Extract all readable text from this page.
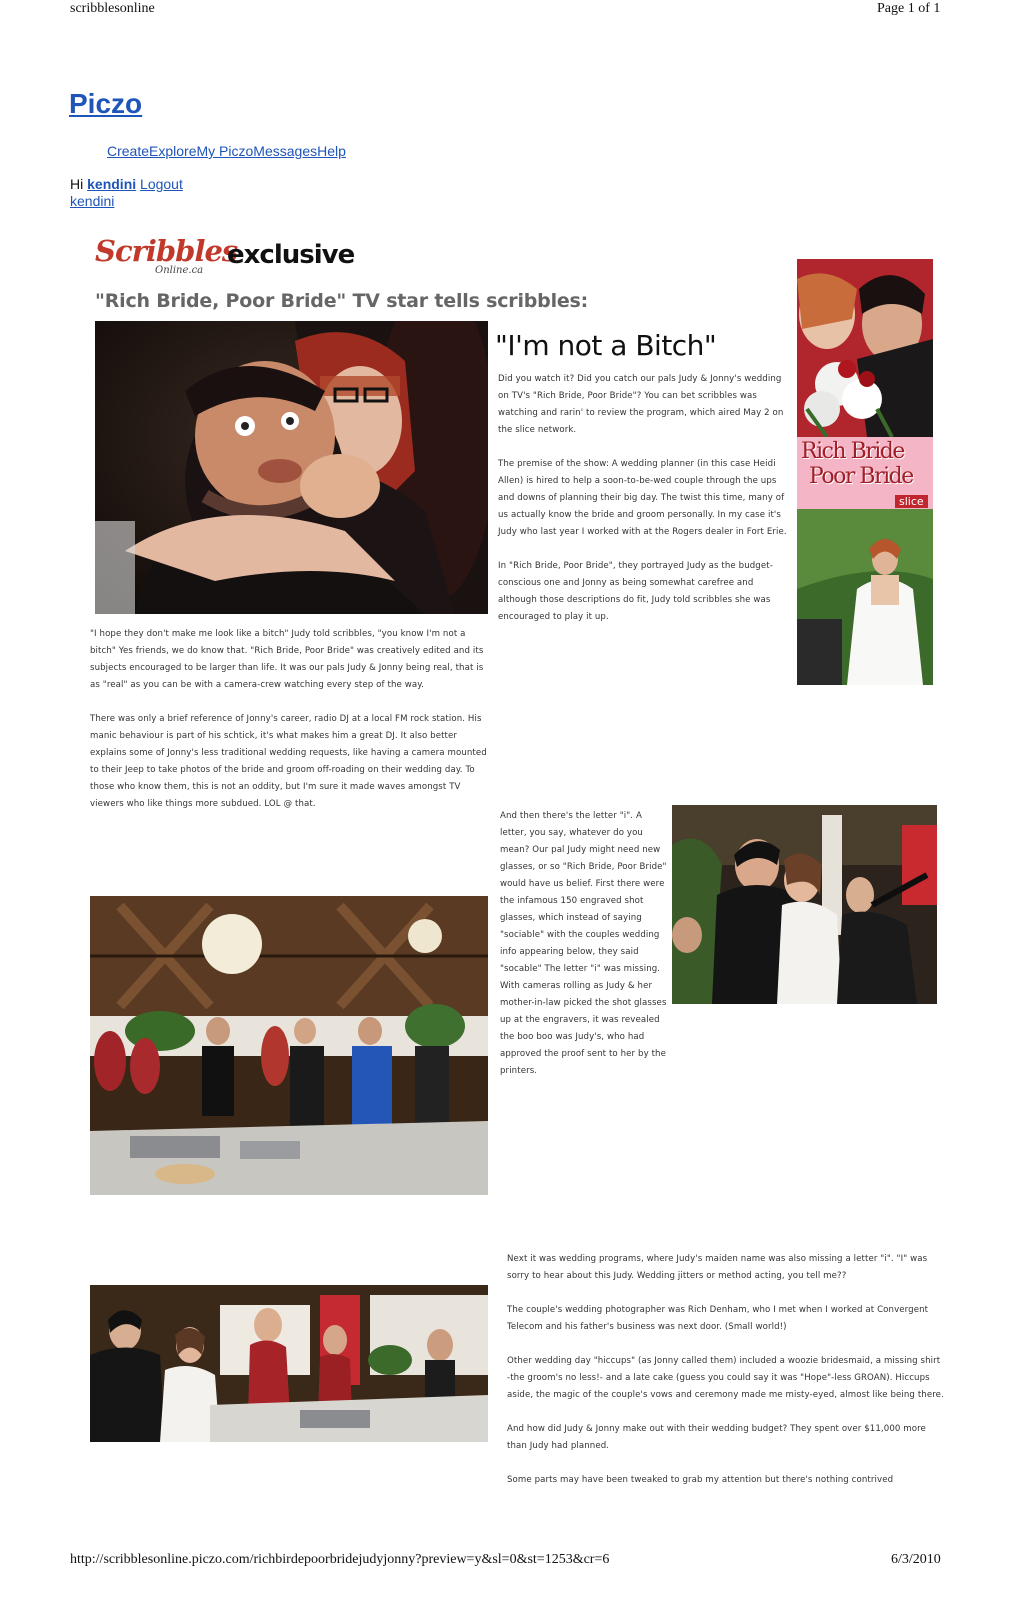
scribblesonline	Page 1 of 1
Piczo
CreateExploreMy PiczoMessagesHelp
Hi kendini Logout
kendini
Scribbles
Online.ca
exclusive
"Rich Bride, Poor Bride" TV star tells scribbles:
"I'm not a Bitch"
Rich Bride
Poor Bride
slice

Did you watch it? Did you catch our pals Judy & Jonny's wedding on TV's "Rich Bride, Poor Bride"? You can bet scribbles was watching and rarin' to review the program, which aired May 2 on the slice network.

The premise of the show: A wedding planner (in this case Heidi Allen) is hired to help a soon-to-be-wed couple through the ups and downs of planning their big day. The twist this time, many of us actually know the bride and groom personally. In my case it's Judy who last year I worked with at the Rogers dealer in Fort Erie.

In "Rich Bride, Poor Bride", they portrayed Judy as the budget-conscious one and Jonny as being somewhat carefree and although those descriptions do fit, Judy told scribbles she was encouraged to play it up.

"I hope they don't make me look like a bitch" Judy told scribbles, "you know I'm not a bitch" Yes friends, we do know that. "Rich Bride, Poor Bride" was creatively edited and its subjects encouraged to be larger than life. It was our pals Judy & Jonny being real, that is as "real" as you can be with a camera-crew watching every step of the way.

There was only a brief reference of Jonny's career, radio DJ at a local FM rock station. His manic behaviour is part of his schtick, it's what makes him a great DJ. It also better explains some of Jonny's less traditional wedding requests, like having a camera mounted to their Jeep to take photos of the bride and groom off-roading on their wedding day. To those who know them, this is not an oddity, but I'm sure it made waves amongst TV viewers who like things more subdued. LOL @ that.

And then there's the letter "i". A letter, you say, whatever do you mean? Our pal Judy might need new glasses, or so "Rich Bride, Poor Bride" would have us belief. First there were the infamous 150 engraved shot glasses, which instead of saying "sociable" with the couples wedding info appearing below, they said "socable" The letter "i" was missing. With cameras rolling as Judy & her mother-in-law picked the shot glasses up at the engravers, it was revealed the boo boo was Judy's, who had approved the proof sent to her by the printers.

Next it was wedding programs, where Judy's maiden name was also missing a letter "i". "I" was sorry to hear about this Judy. Wedding jitters or method acting, you tell me??

The couple's wedding photographer was Rich Denham, who I met when I worked at Convergent Telecom and his father's business was next door. (Small world!)

Other wedding day "hiccups" (as Jonny called them) included a woozie bridesmaid, a missing shirt -the groom's no less!- and a late cake (guess you could say it was "Hope"-less GROAN). Hiccups aside, the magic of the couple's vows and ceremony made me misty-eyed, almost like being there.

And how did Judy & Jonny make out with their wedding budget? They spent over $11,000 more than Judy had planned.

Some parts may have been tweaked to grab my attention but there's nothing contrived

http://scribblesonline.piczo.com/richbirdepoorbridejudyjonny?preview=y&sl=0&st=1253&cr=6	6/3/2010
